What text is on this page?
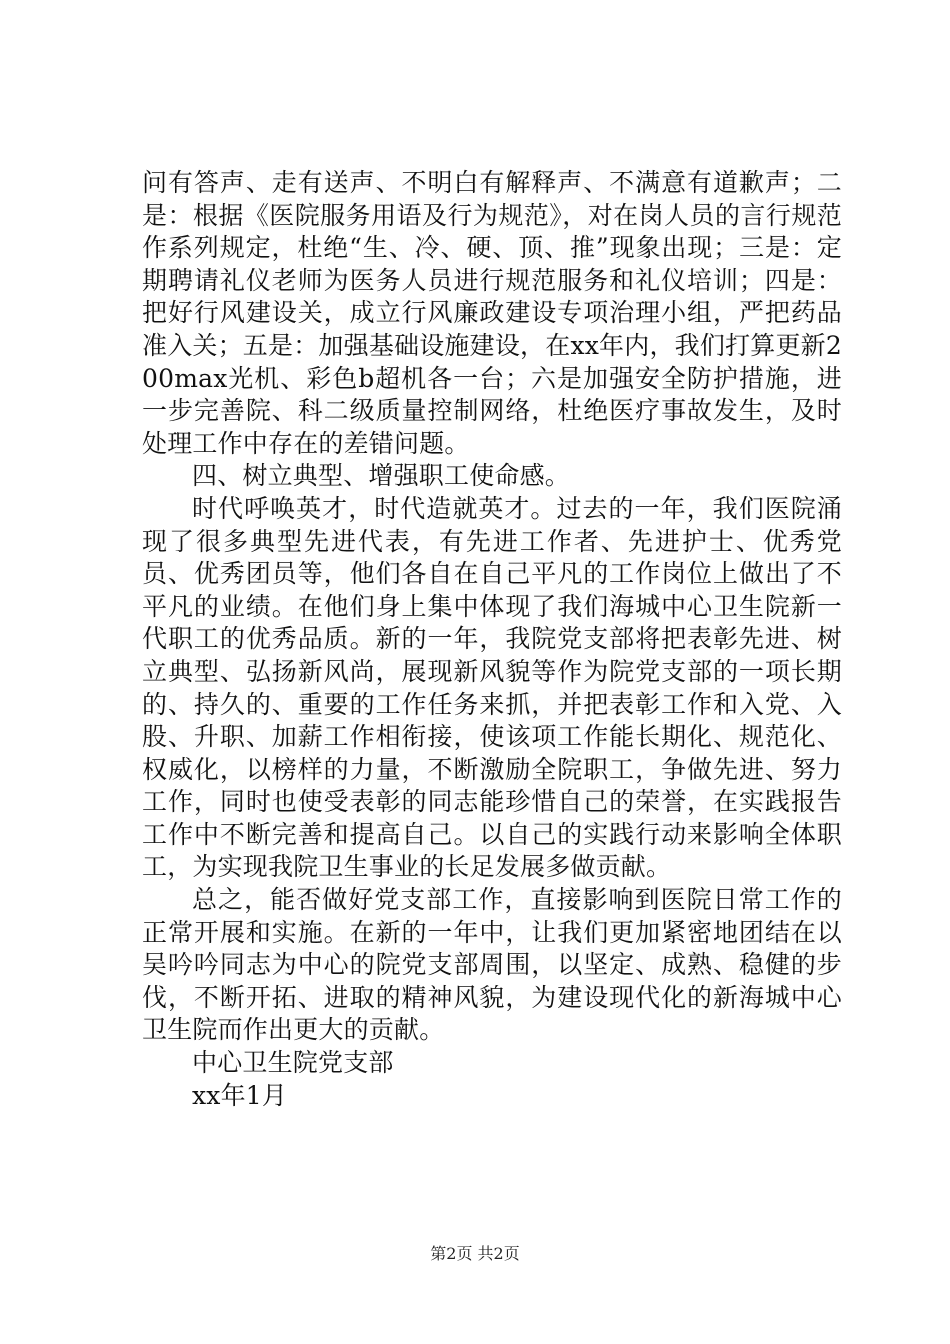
问有答声、走有送声、不明白有解释声、不满意有道歉声；二是：根据《医院服务用语及行为规范》，对在岗人员的言行规范作系列规定，杜绝“生、冷、硬、顶、推”现象出现；三是：定期聘请礼仪老师为医务人员进行规范服务和礼仪培训；四是：把好行风建设关，成立行风廉政建设专项治理小组，严把药品准入关；五是：加强基础设施建设，在xx年内，我们打算更新200max光机、彩色b超机各一台；六是加强安全防护措施，进一步完善院、科二级质量控制网络，杜绝医疗事故发生，及时处理工作中存在的差错问题。

四、树立典型、增强职工使命感。

时代呼唤英才，时代造就英才。过去的一年，我们医院涌现了很多典型先进代表，有先进工作者、先进护士、优秀党员、优秀团员等，他们各自在自己平凡的工作岗位上做出了不平凡的业绩。在他们身上集中体现了我们海城中心卫生院新一代职工的优秀品质。新的一年，我院党支部将把表彰先进、树立典型、弘扬新风尚，展现新风貌等作为院党支部的一项长期的、持久的、重要的工作任务来抓，并把表彰工作和入党、入股、升职、加薪工作相衔接，使该项工作能长期化、规范化、权威化，以榜样的力量，不断激励全院职工，争做先进、努力工作，同时也使受表彰的同志能珍惜自己的荣誉，在实践报告工作中不断完善和提高自己。以自己的实践行动来影响全体职工，为实现我院卫生事业的长足发展多做贡献。

总之，能否做好党支部工作，直接影响到医院日常工作的正常开展和实施。在新的一年中，让我们更加紧密地团结在以吴吟吟同志为中心的院党支部周围，以坚定、成熟、稳健的步伐，不断开拓、进取的精神风貌，为建设现代化的新海城中心卫生院而作出更大的贡献。

中心卫生院党支部

xx年1月

第2页 共2页
